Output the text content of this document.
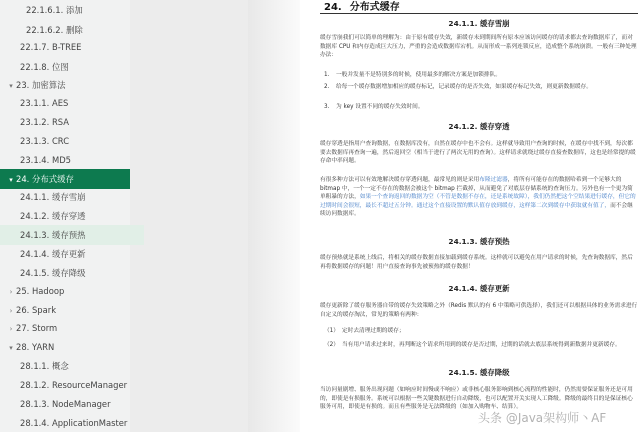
22.1.6.1. 添加
22.1.6.2. 删除
22.1.7. B-TREE
22.1.8. 位图
▾ 23. 加密算法
23.1.1. AES
23.1.2. RSA
23.1.3. CRC
23.1.4. MD5
▾ 24. 分布式缓存
24.1.1. 缓存雪崩
24.1.2. 缓存穿透
24.1.3. 缓存预热
24.1.4. 缓存更新
24.1.5. 缓存降级
› 25. Hadoop
› 26. Spark
› 27. Storm
▾ 28. YARN
28.1.1. 概念
28.1.2. ResourceManager
28.1.3. NodeManager
28.1.4. ApplicationMaster
24. 分布式缓存
24.1.1. 缓存雪崩
缓存雪崩我们可以简单的理解为：由于原有缓存失效，新缓存未到期间所有原本应该访问缓存的请求都去查询数据库了，而对数据库 CPU 和内存造成巨大压力，严重的会造成数据库宕机。从而形成一系列连锁反应，造成整个系统崩溃。一般有三种处理办法：
1. 一般并发量不是特别多的时候，使用最多的解决方案是加锁排队。
2. 给每一个缓存数据增加相应的缓存标记，记录缓存的是否失效，如果缓存标记失效，则更新数据缓存。
3. 为 key 设置不同的缓存失效时间。
24.1.2. 缓存穿透
缓存穿透是指用户查询数据，在数据库没有，自然在缓存中也不会有。这样就导致用户查询的时候，在缓存中找不到，每次都要去数据库再查询一遍，然后返回空（相当于进行了两次无用的查询）。这样请求就绕过缓存直接查数据库，这也是经常提的缓存命中率问题。
有很多种方法可以有效地解决缓存穿透问题，最常见的则是采用布隆过滤器，将所有可能存在的数据哈希到一个足够大的 bitmap 中，一个一定不存在的数据会被这个 bitmap 拦截掉，从而避免了对底层存储系统的查询压力。另外也有一个更为简单粗暴的方法，如果一个查询返回的数据为空（不管是数据不存在，还是系统故障），我们仍然把这个空结果进行缓存，但它的过期时间会很短，最长不超过五分钟。通过这个直接设置的默认值存放到缓存，这样第二次到缓存中获取就有值了，而不会继续访问数据库。
24.1.3. 缓存预热
缓存预热就是系统上线后，将相关的缓存数据直接加载到缓存系统。这样就可以避免在用户请求的时候，先查询数据库，然后再将数据缓存的问题！用户直接查询事先被预热的缓存数据！
24.1.4. 缓存更新
缓存更新除了缓存服务器自带的缓存失效策略之外（Redis 默认的有 6 中策略可供选择），我们还可以根据具体的业务需求进行自定义的缓存淘汰，常见的策略有两种：
（1） 定时去清理过期的缓存；
（2） 当有用户请求过来时，再判断这个请求所用到的缓存是否过期，过期的话就去底层系统得到新数据并更新缓存。
24.1.5. 缓存降级
当访问量剧增、服务出现问题（如响应时间慢或不响应）或非核心服务影响到核心流程的性能时，仍然需要保证服务还是可用的，即使是有损服务。系统可以根据一些关键数据进行自动降级，也可以配置开关实现人工降级。降级的最终目的是保证核心服务可用，即使是有损的。而且有些服务是无法降级的（如加入购物车、结算）。
头条 @Java架构师丶AF
